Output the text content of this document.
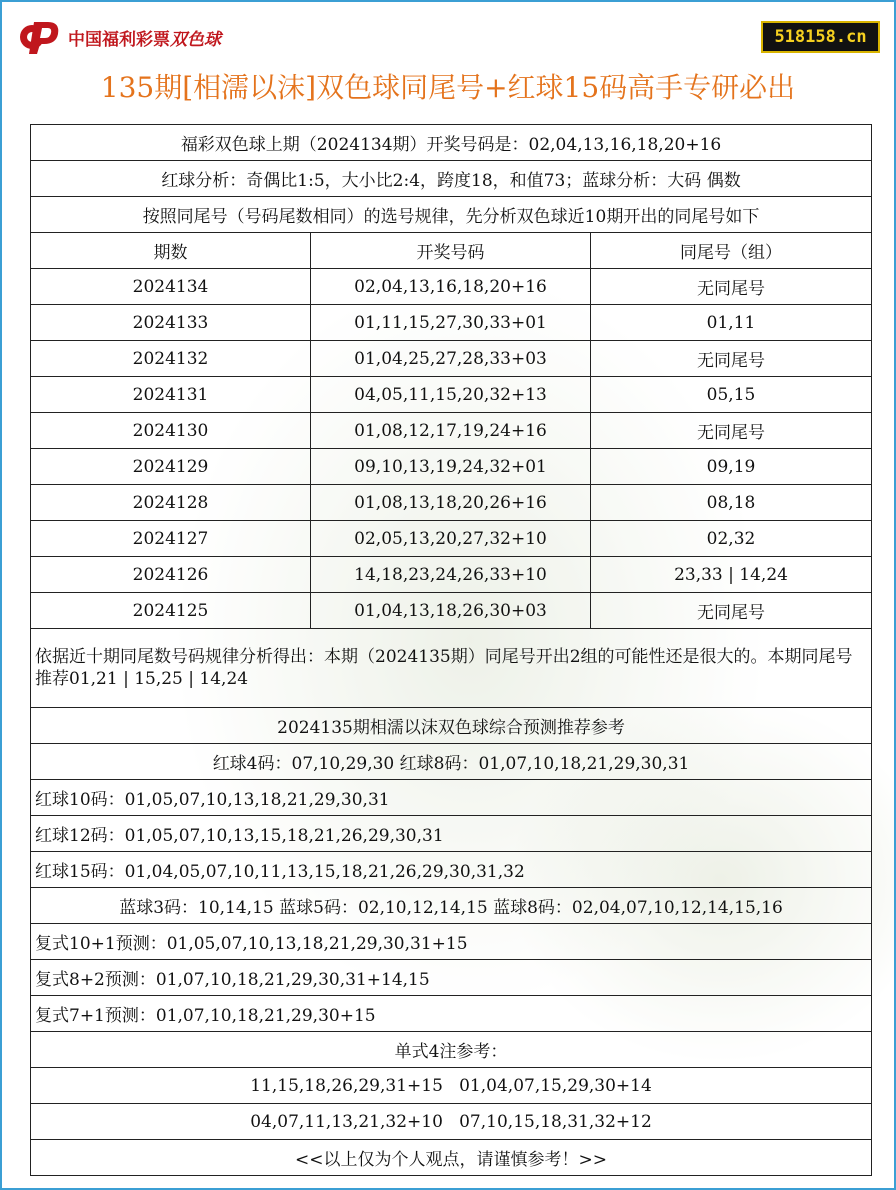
中国福利彩票双色球	518158.cn
135期[相濡以沫]双色球同尾号+红球15码高手专研必出
福彩双色球上期（2024134期）开奖号码是：02,04,13,16,18,20+16		
红球分析：奇偶比1:5，大小比2:4，跨度18，和值73；蓝球分析：大码 偶数		
按照同尾号（号码尾数相同）的选号规律，先分析双色球近10期开出的同尾号如下		
期数	开奖号码	同尾号（组）
2024134	02,04,13,16,18,20+16	无同尾号
2024133	01,11,15,27,30,33+01	01,11
2024132	01,04,25,27,28,33+03	无同尾号
2024131	04,05,11,15,20,32+13	05,15
2024130	01,08,12,17,19,24+16	无同尾号
2024129	09,10,13,19,24,32+01	09,19
2024128	01,08,13,18,20,26+16	08,18
2024127	02,05,13,20,27,32+10	02,32
2024126	14,18,23,24,26,33+10	23,33 | 14,24
2024125	01,04,13,18,26,30+03	无同尾号
依据近十期同尾数号码规律分析得出：本期（2024135期）同尾号开出2组的可能性还是很大的。本期同尾号推荐01,21 | 15,25 | 14,24		
2024135期相濡以沫双色球综合预测推荐参考		
红球4码：07,10,29,30 红球8码：01,07,10,18,21,29,30,31		
红球10码：01,05,07,10,13,18,21,29,30,31		
红球12码：01,05,07,10,13,15,18,21,26,29,30,31		
红球15码：01,04,05,07,10,11,13,15,18,21,26,29,30,31,32		
蓝球3码：10,14,15 蓝球5码：02,10,12,14,15 蓝球8码：02,04,07,10,12,14,15,16		
复式10+1预测：01,05,07,10,13,18,21,29,30,31+15		
复式8+2预测：01,07,10,18,21,29,30,31+14,15		
复式7+1预测：01,07,10,18,21,29,30+15		
单式4注参考：		
11,15,18,26,29,31+15   01,04,07,15,29,30+14		
04,07,11,13,21,32+10   07,10,15,18,31,32+12		
<<以上仅为个人观点，请谨慎参考！>>		
